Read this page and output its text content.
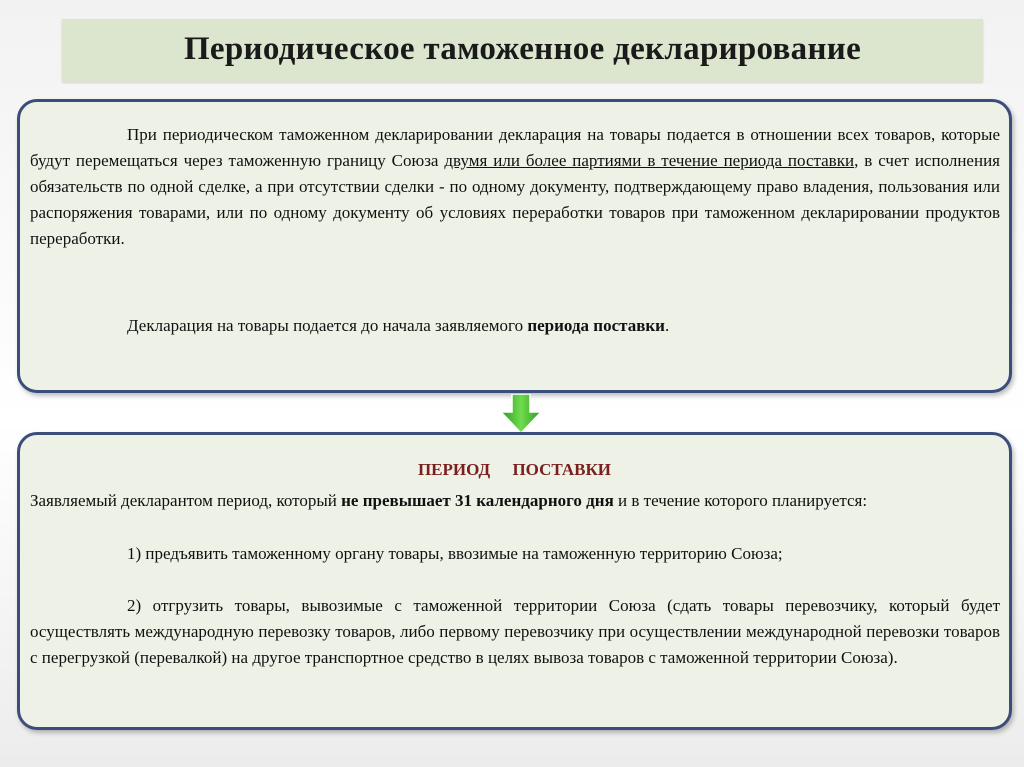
Периодическое таможенное декларирование
При периодическом таможенном декларировании декларация на товары подается в отношении всех товаров, которые будут перемещаться через таможенную границу Союза двумя или более партиями в течение периода поставки, в счет исполнения обязательств по одной сделке, а при отсутствии сделки - по одному документу, подтверждающему право владения, пользования или распоряжения товарами, или по одному документу об условиях переработки товаров при таможенном декларировании продуктов переработки.
Декларация на товары подается до начала заявляемого периода поставки.
ПЕРИОД ПОСТАВКИ
Заявляемый декларантом период, который не превышает 31 календарного дня и в течение которого планируется:
1) предъявить таможенному органу товары, ввозимые на таможенную территорию Союза;
2) отгрузить товары, вывозимые с таможенной территории Союза (сдать товары перевозчику, который будет осуществлять международную перевозку товаров, либо первому перевозчику при осуществлении международной перевозки товаров с перегрузкой (перевалкой) на другое транспортное средство в целях вывоза товаров с таможенной территории Союза).
